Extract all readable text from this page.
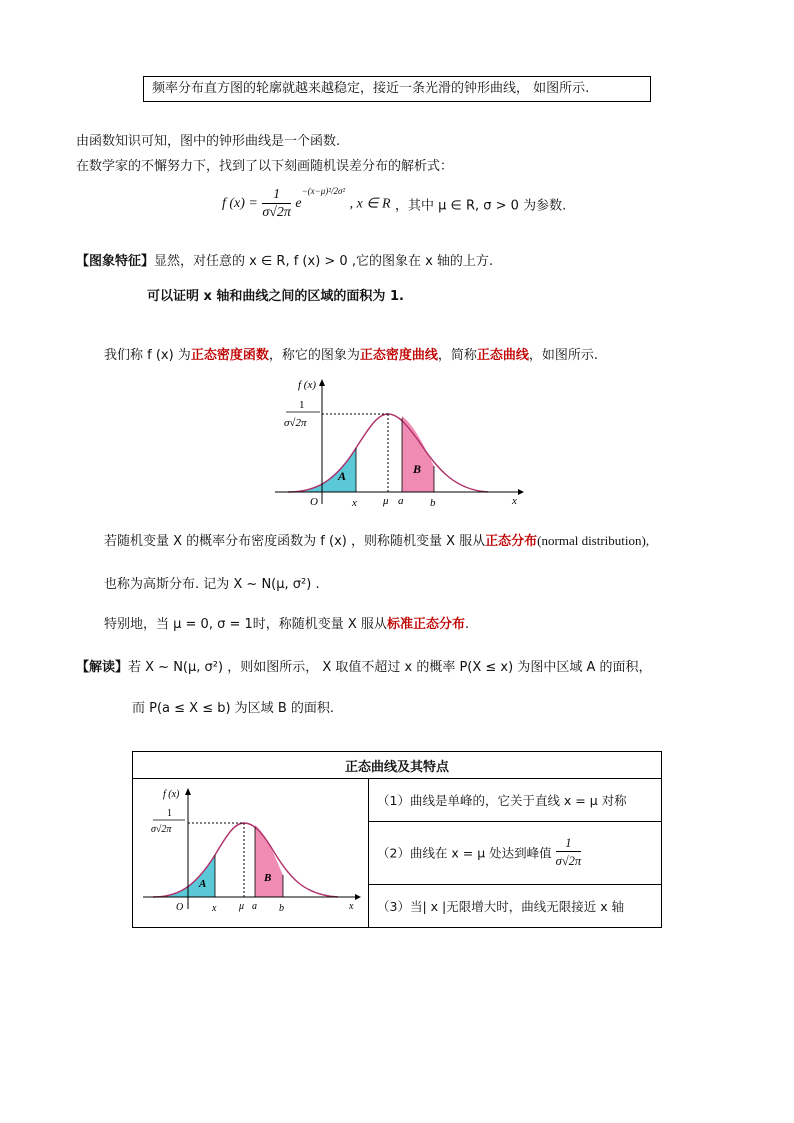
频率分布直方图的轮廓就越来越稳定，接近一条光滑的钟形曲线， 如图所示.
由函数知识可知，图中的钟形曲线是一个函数.
在数学家的不懈努力下，找到了以下刻画随机误差分布的解析式：
f $(x) = \frac{1}{\sigma√2\pi} e^{-(x-\mu)^2/2\sigma^2}$ , x ∈ R ，其中 μ ∈ R, σ > 0 为参数.
【图象特征】显然，对任意的 x ∈ R, f (x) > 0 ,它的图象在 x 轴的上方.
可以证明 x 轴和曲线之间的区域的面积为 1.
我们称 f (x) 为正态密度函数，称它的图象为正态密度曲线，简称正态曲线，如图所示.
f (x)
1
σ√2π
O	x μ a b	x
A	B
若随机变量 X 的概率分布密度函数为 f (x) ，则称随机变量 X 服从正态分布(normal distribution),
也称为高斯分布. 记为 X ~ N(μ, σ²) .
特别地，当 μ = 0, σ = 1时，称随机变量 X 服从标准正态分布.
【解读】若 X ~ N(μ, σ²) ，则如图所示， X 取值不超过 x 的概率 P(X ≤ x) 为图中区域 A 的面积，
而 P(a ≤ X ≤ b) 为区域 B 的面积.
正态曲线及其特点

f (x)
1
σ√2π
O	x μ a b	x
A	B
	（1）曲线是单峰的，它关于直线 x = μ 对称
（2）曲线在 x = μ 处达到峰值 $\frac{1}{\sigma√2\pi}$

（3）当| x |无限增大时，曲线无限接近 x 轴
